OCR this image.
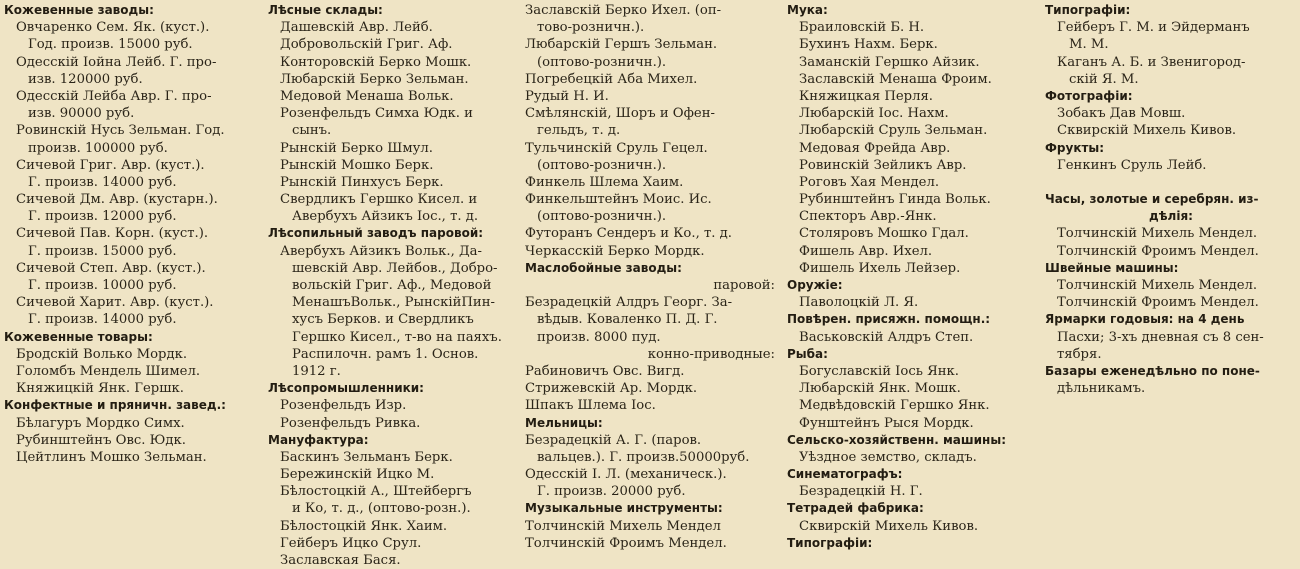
Кожевенные заводы:
Овчаренко Сем. Як. (куст.).
Год. произв. 15000 руб.
Одесскій Іойна Лейб. Г. про-
изв. 120000 руб.
Одесскій Лейба Авр. Г. про-
изв. 90000 руб.
Ровинскій Нусь Зельман. Год.
произв. 100000 руб.
Сичевой Григ. Авр. (куст.).
Г. произв. 14000 руб.
Сичевой Дм. Авр. (кустарн.).
Г. произв. 12000 руб.
Сичевой Пав. Корн. (куст.).
Г. произв. 15000 руб.
Сичевой Степ. Авр. (куст.).
Г. произв. 10000 руб.
Сичевой Харит. Авр. (куст.).
Г. произв. 14000 руб.
Кожевенные товары:
Бродскій Волько Мордк.
Голомбъ Мендель Шимел.
Княжицкій Янк. Гершк.
Конфектные и пряничн. завед.:
Бѣлагуръ Мордко Симх.
Рубинштейнъ Овс. Юдк.
Цейтлинъ Мошко Зельман.
Лѣсные склады:
Дашевскій Авр. Лейб.
Добровольскій Григ. Аф.
Конторовскій Берко Мошк.
Любарскій Берко Зельман.
Медовой Менаша Вольк.
Розенфельдъ Симха Юдк. и
сынъ.
Рынскій Берко Шмул.
Рынскій Мошко Берк.
Рынскій Пинхусъ Берк.
Свердликъ Гершко Кисел. и
Авербухъ Айзикъ Іос., т. д.
Лѣсопильный заводъ паровой:
Авербухъ Айзикъ Вольк., Да-
шевскій Авр. Лейбов., Добро-
вольскій Григ. Аф., Медовой
МенашъВольк., РынскійПин-
хусъ Берков. и Свердликъ
Гершко Кисел., т-во на паяхъ.
Распилочн. рамъ 1. Основ.
1912 г.
Лѣсопромышленники:
Розенфельдъ Изр.
Розенфельдъ Ривка.
Мануфактура:
Баскинъ Зельманъ Берк.
Бережинскій Ицко М.
Бѣлостоцкій А., Штейбергъ
и Ко, т. д., (оптово-розн.).
Бѣлостоцкій Янк. Хаим.
Гейберъ Ицко Срул.
Заславская Бася.
Заславскій Берко Ихел. (оп-
тово-розничн.).
Любарскій Гершъ Зельман.
(оптово-розничн.).
Погребецкій Аба Михел.
Рудый Н. И.
Смѣлянскій, Шоръ и Офен-
гельдъ, т. д.
Тульчинскій Сруль Гецел.
(оптово-розничн.).
Финкель Шлема Хаим.
Финкельштейнъ Моис. Ис.
(оптово-розничн.).
Футоранъ Сендеръ и Ко., т. д.
Черкасскій Берко Мордк.
Маслобойные заводы:
паровой:
Безрадецкій Алдръ Георг. За-
вѣдыв. Коваленко П. Д. Г.
произв. 8000 пуд.
конно-приводные:
Рабиновичъ Овс. Вигд.
Стрижевскій Ар. Мордк.
Шпакъ Шлема Іос.
Мельницы:
Безрадецкій А. Г. (паров.
вальцев.). Г. произв.50000руб.
Одесскій I. Л. (механическ.).
Г. произв. 20000 руб.
Музыкальные инструменты:
Толчинскій Михель Мендел
Толчинскій Фроимъ Мендел.
Мука:
Браиловскій Б. Н.
Бухинъ Нахм. Берк.
Заманскій Гершко Айзик.
Заславскій Менаша Фроим.
Княжицкая Перля.
Любарскій Іос. Нахм.
Любарскій Сруль Зельман.
Медовая Фрейда Авр.
Ровинскій Зейликъ Авр.
Роговъ Хая Мендел.
Рубинштейнъ Гинда Вольк.
Спекторъ Авр.-Янк.
Столяровъ Мошко Гдал.
Фишель Авр. Ихел.
Фишель Ихель Лейзер.
Оружіе:
Паволоцкій Л. Я.
Повѣрен. присяжн. помощн.:
Васьковскій Алдръ Степ.
Рыба:
Богуславскій Іось Янк.
Любарскій Янк. Мошк.
Медвѣдовскій Гершко Янк.
Фунштейнъ Рыся Мордк.
Сельско-хозяйственн. машины:
Уѣздное земство, складъ.
Синематографъ:
Безрадецкій Н. Г.
Тетрадей фабрика:
Сквирскій Михель Кивов.
Типографіи:
Типографіи:
Гейберъ Г. М. и Эйдерманъ
М. М.
Каганъ А. Б. и Звенигород-
скій Я. М.
Фотографіи:
Зобакъ Дав Мовш.
Сквирскій Михель Кивов.
Фрукты:
Генкинъ Сруль Лейб.
Часы, золотые и серебрян. из-
дѣлія:
Толчинскій Михель Мендел.
Толчинскій Фроимъ Мендел.
Швейные машины:
Толчинскій Михель Мендел.
Толчинскій Фроимъ Мендел.
Ярмарки годовыя: на 4 день
Пасхи; 3-хъ дневная съ 8 сен-
тября.
Базары еженедѣльно по поне-
дѣльникамъ.
